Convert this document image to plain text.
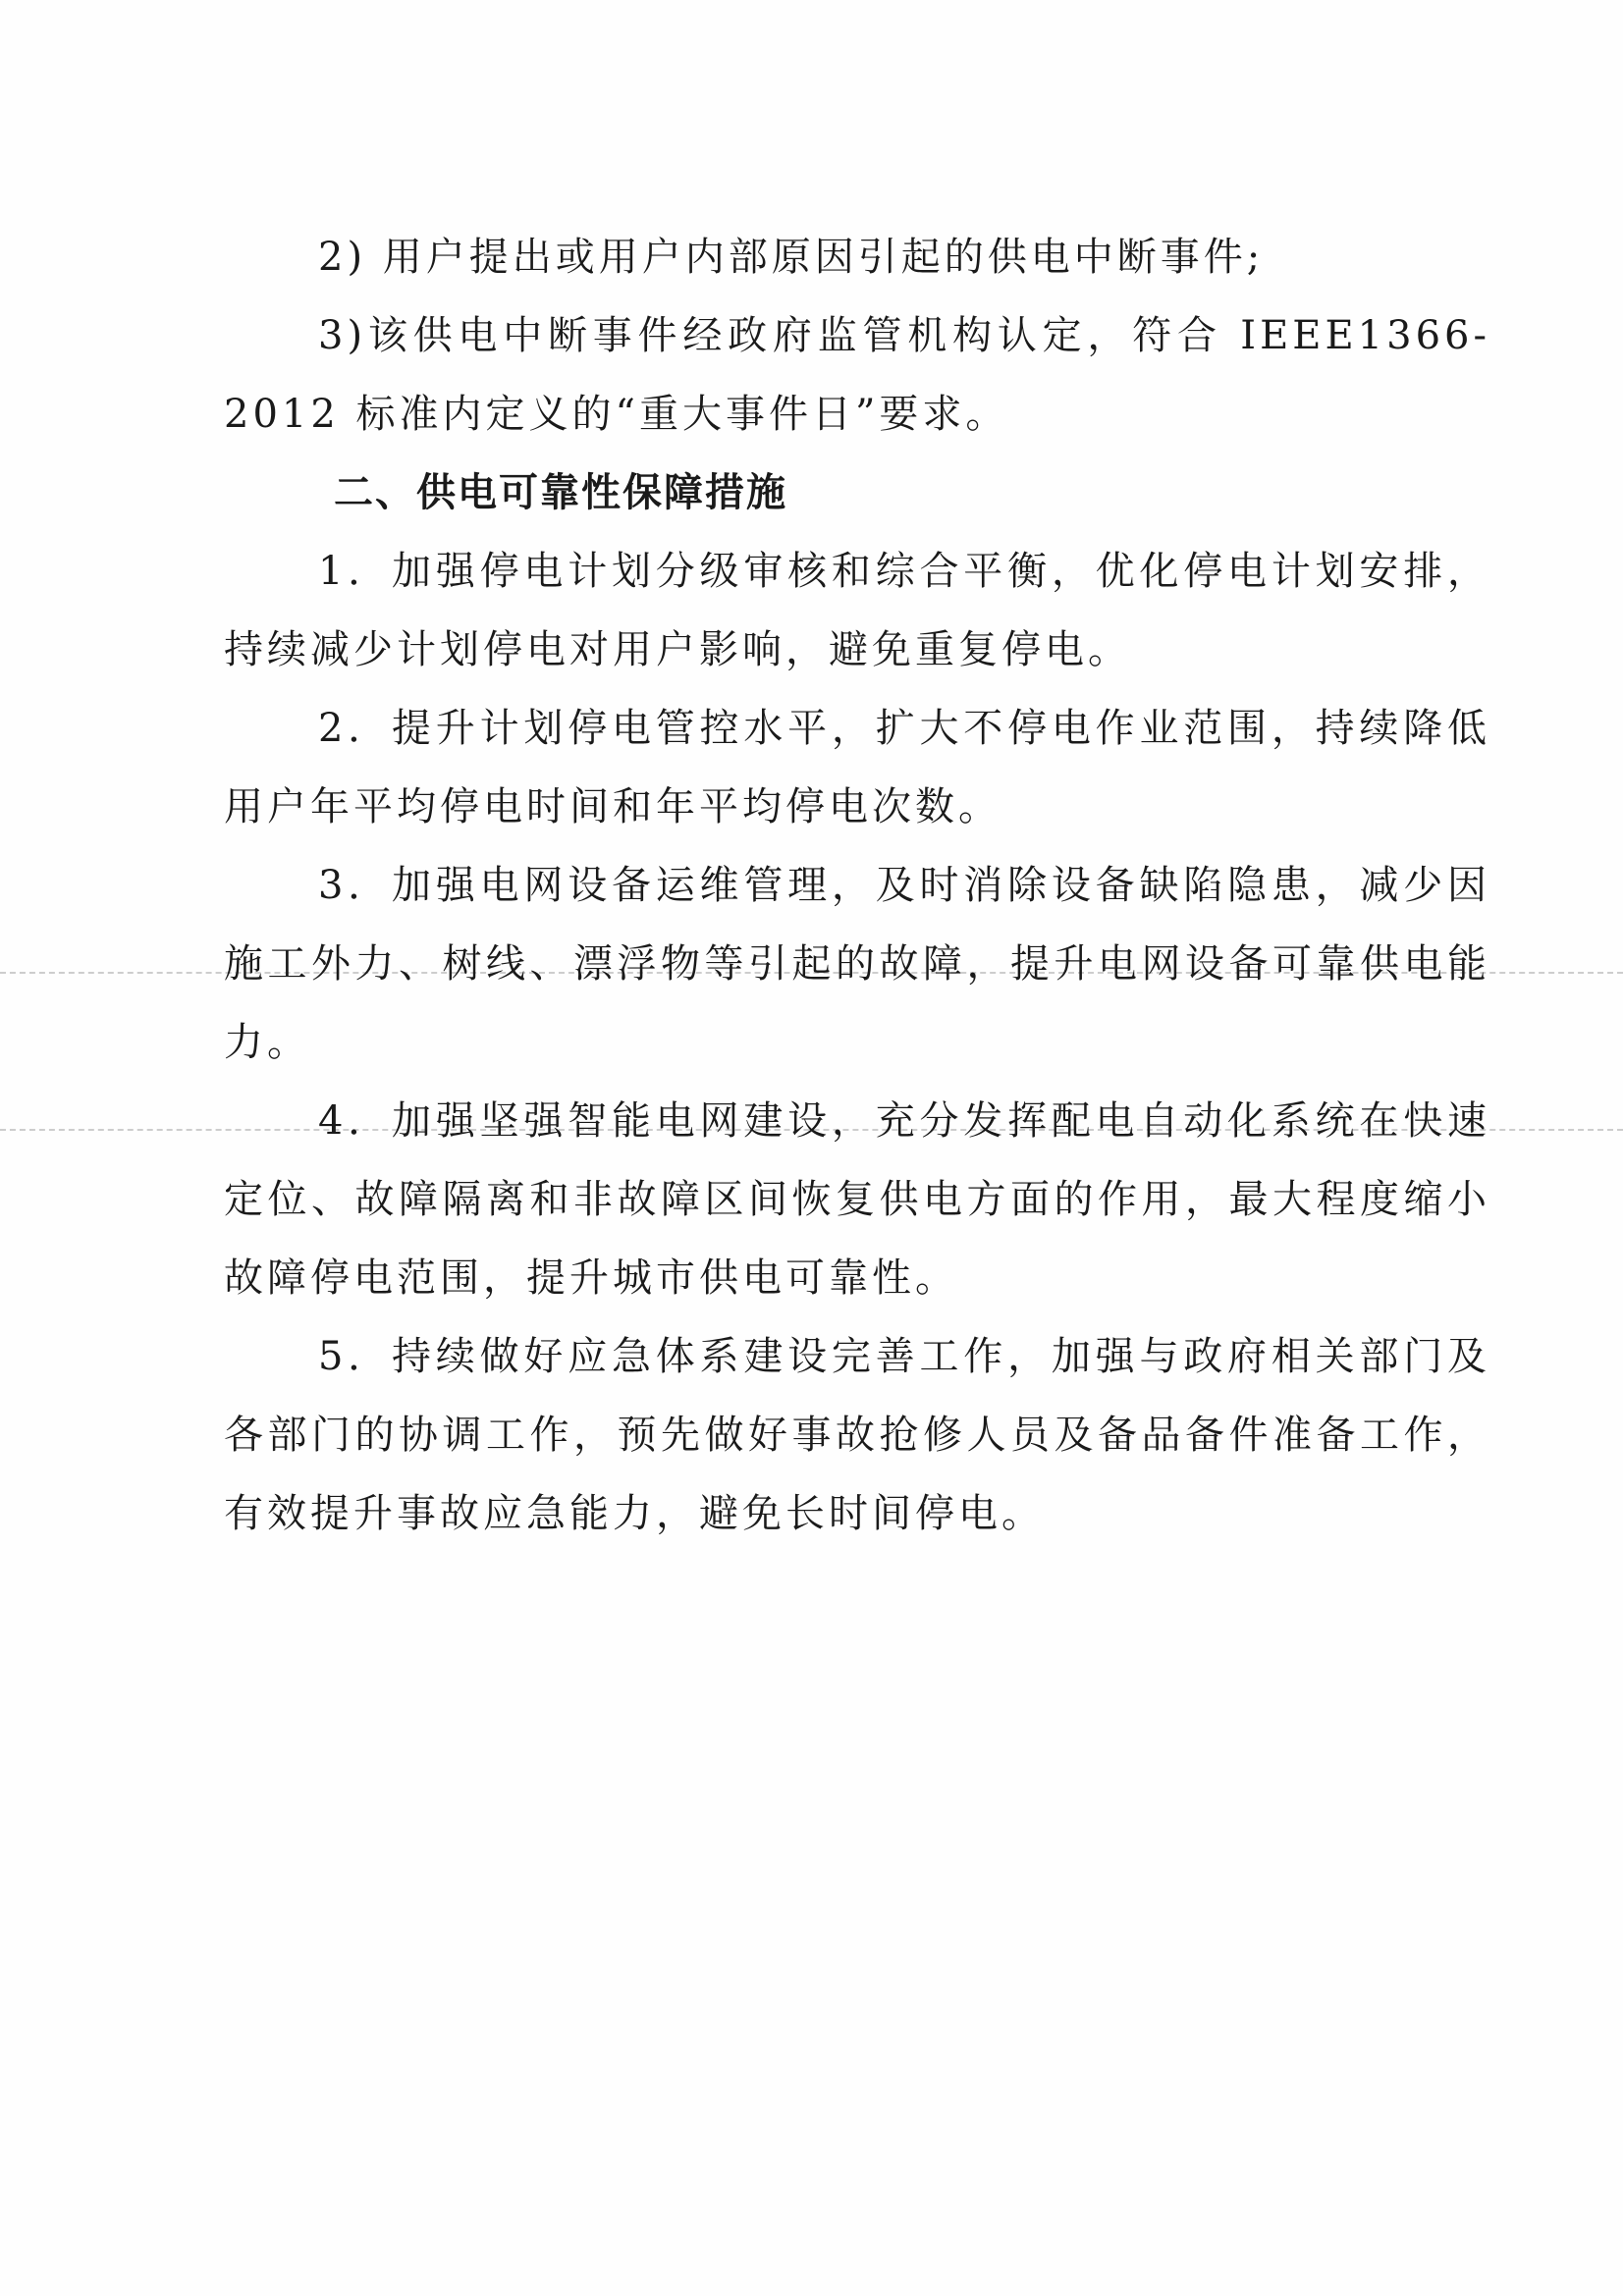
2) 用户提出或用户内部原因引起的供电中断事件;

3)该供电中断事件经政府监管机构认定，符合 IEEE1366-2012 标准内定义的“重大事件日”要求。

二、供电可靠性保障措施

1．加强停电计划分级审核和综合平衡，优化停电计划安排，持续减少计划停电对用户影响，避免重复停电。

2．提升计划停电管控水平，扩大不停电作业范围，持续降低用户年平均停电时间和年平均停电次数。

3．加强电网设备运维管理，及时消除设备缺陷隐患，减少因施工外力、树线、漂浮物等引起的故障，提升电网设备可靠供电能力。

4．加强坚强智能电网建设，充分发挥配电自动化系统在快速定位、故障隔离和非故障区间恢复供电方面的作用，最大程度缩小故障停电范围，提升城市供电可靠性。

5．持续做好应急体系建设完善工作，加强与政府相关部门及各部门的协调工作，预先做好事故抢修人员及备品备件准备工作，有效提升事故应急能力，避免长时间停电。
